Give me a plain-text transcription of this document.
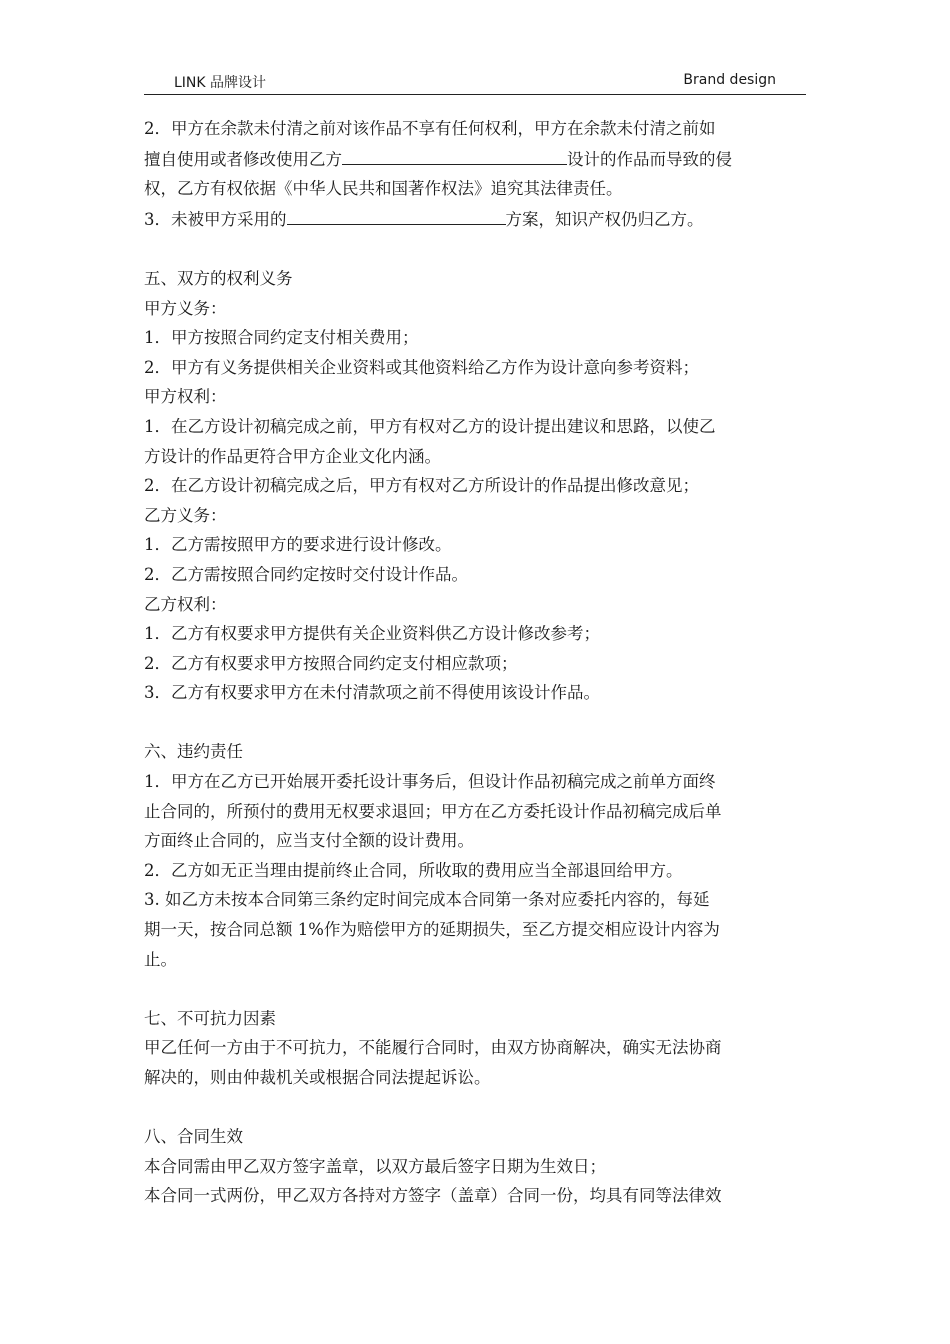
LINK 品牌设计	Brand design

2．甲方在余款未付清之前对该作品不享有任何权利，甲方在余款未付清之前如

擅自使用或者修改使用乙方	设计的作品而导致的侵

权，乙方有权依据《中华人民共和国著作权法》追究其法律责任。

3．未被甲方采用的	方案，知识产权仍归乙方。

五、双方的权利义务

甲方义务：

1．甲方按照合同约定支付相关费用；

2．甲方有义务提供相关企业资料或其他资料给乙方作为设计意向参考资料；

甲方权利：

1．在乙方设计初稿完成之前，甲方有权对乙方的设计提出建议和思路，以使乙

方设计的作品更符合甲方企业文化内涵。

2．在乙方设计初稿完成之后，甲方有权对乙方所设计的作品提出修改意见；

乙方义务：

1．乙方需按照甲方的要求进行设计修改。

2．乙方需按照合同约定按时交付设计作品。

乙方权利：

1．乙方有权要求甲方提供有关企业资料供乙方设计修改参考；

2．乙方有权要求甲方按照合同约定支付相应款项；

3．乙方有权要求甲方在未付清款项之前不得使用该设计作品。

六、违约责任

1．甲方在乙方已开始展开委托设计事务后，但设计作品初稿完成之前单方面终

止合同的，所预付的费用无权要求退回；甲方在乙方委托设计作品初稿完成后单

方面终止合同的，应当支付全额的设计费用。

2．乙方如无正当理由提前终止合同，所收取的费用应当全部退回给甲方。

3. 如乙方未按本合同第三条约定时间完成本合同第一条对应委托内容的，每延

期一天，按合同总额 1%作为赔偿甲方的延期损失，至乙方提交相应设计内容为

止。

七、不可抗力因素

甲乙任何一方由于不可抗力，不能履行合同时，由双方协商解决，确实无法协商

解决的，则由仲裁机关或根据合同法提起诉讼。

八、合同生效

本合同需由甲乙双方签字盖章，以双方最后签字日期为生效日；

本合同一式两份，甲乙双方各持对方签字（盖章）合同一份，均具有同等法律效
